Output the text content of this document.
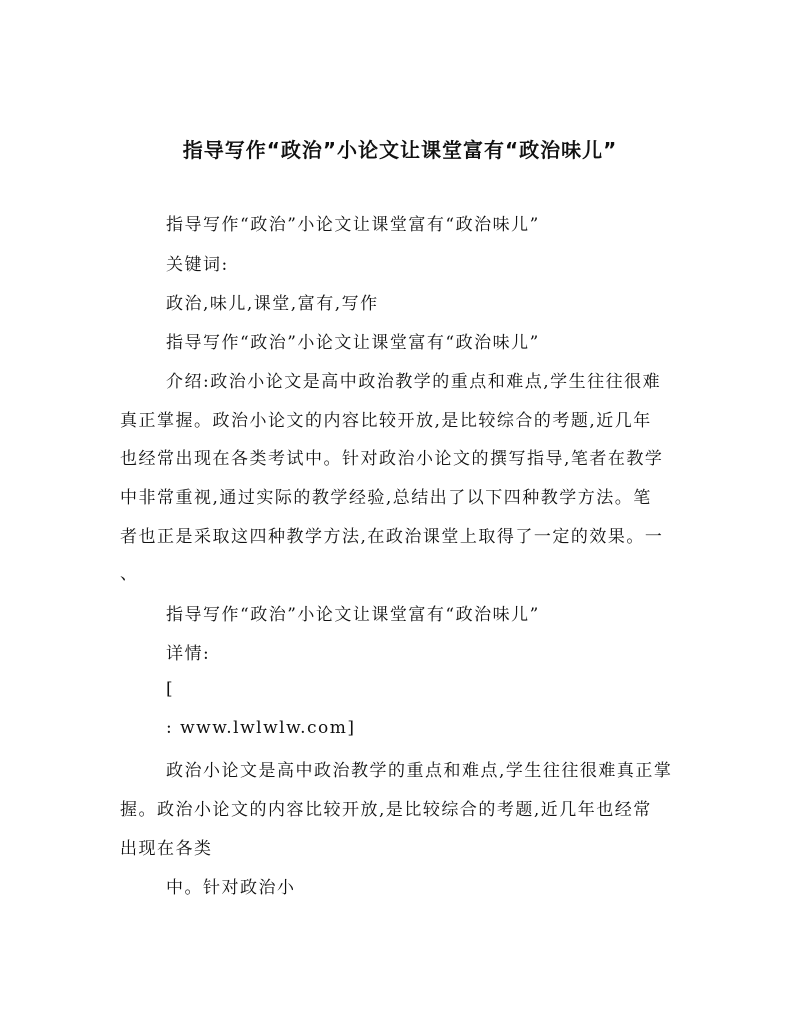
指导写作“政治”小论文让课堂富有“政治味儿”
指导写作“政治”小论文让课堂富有“政治味儿”
关键词:
政治,味儿,课堂,富有,写作
指导写作“政治”小论文让课堂富有“政治味儿”
介绍:政治小论文是高中政治教学的重点和难点,学生往往很难
真正掌握。政治小论文的内容比较开放,是比较综合的考题,近几年
也经常出现在各类考试中。针对政治小论文的撰写指导,笔者在教学
中非常重视,通过实际的教学经验,总结出了以下四种教学方法。笔
者也正是采取这四种教学方法,在政治课堂上取得了一定的效果。一
、
指导写作“政治”小论文让课堂富有“政治味儿”
详情:
[
: www.lwlwlw.com]
政治小论文是高中政治教学的重点和难点,学生往往很难真正掌
握。政治小论文的内容比较开放,是比较综合的考题,近几年也经常
出现在各类
中。针对政治小
